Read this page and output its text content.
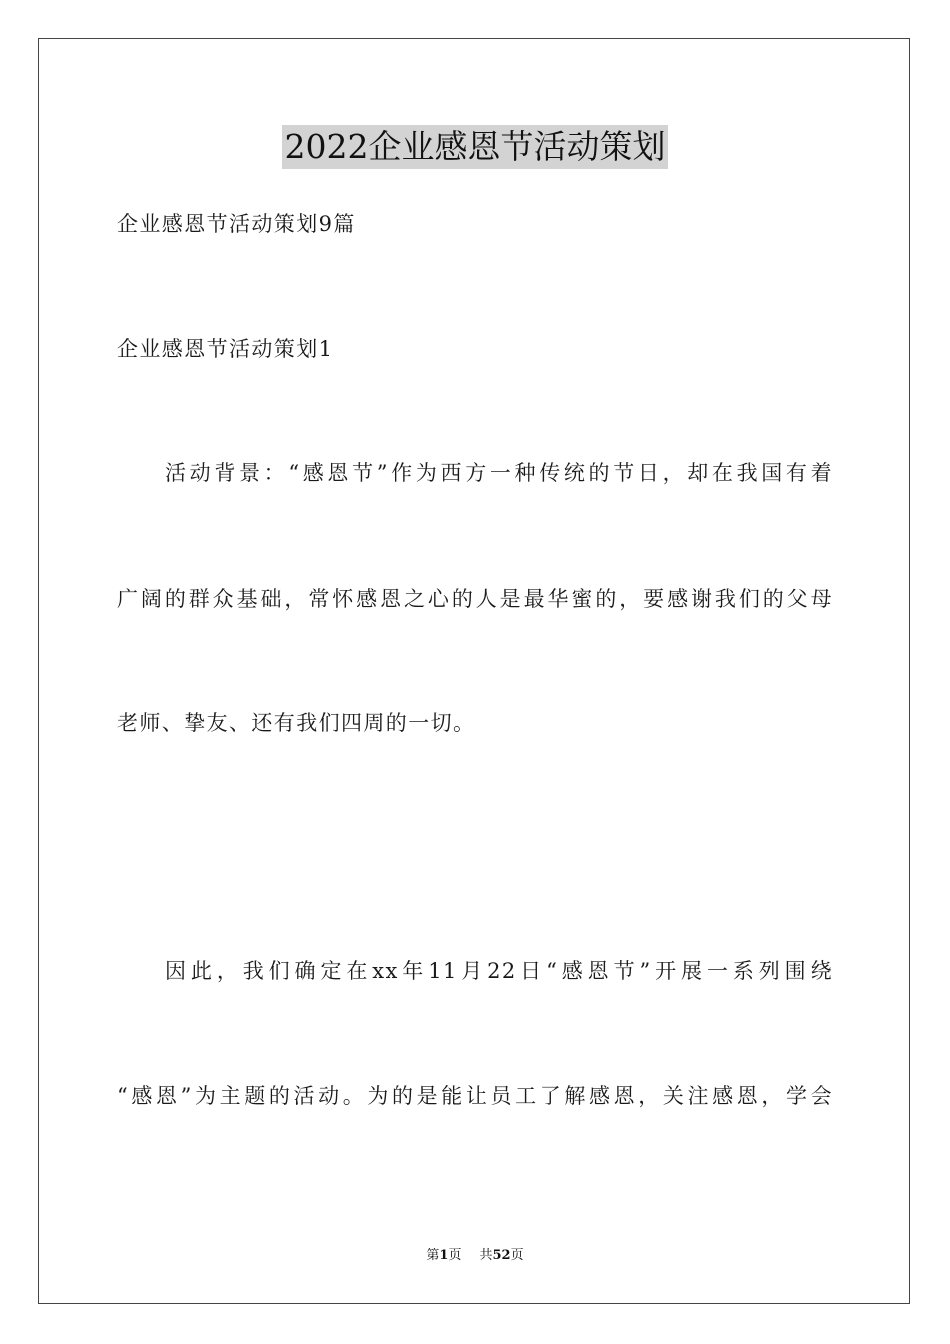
2022企业感恩节活动策划
企业感恩节活动策划9篇
企业感恩节活动策划1
活动背景：“感恩节”作为西方一种传统的节日，却在我国有着
广阔的群众基础，常怀感恩之心的人是最华蜜的，要感谢我们的父母
老师、挚友、还有我们四周的一切。
因此，我们确定在xx年11月22日“感恩节”开展一系列围绕
“感恩”为主题的活动。为的是能让员工了解感恩，关注感恩，学会
第1页 共52页
